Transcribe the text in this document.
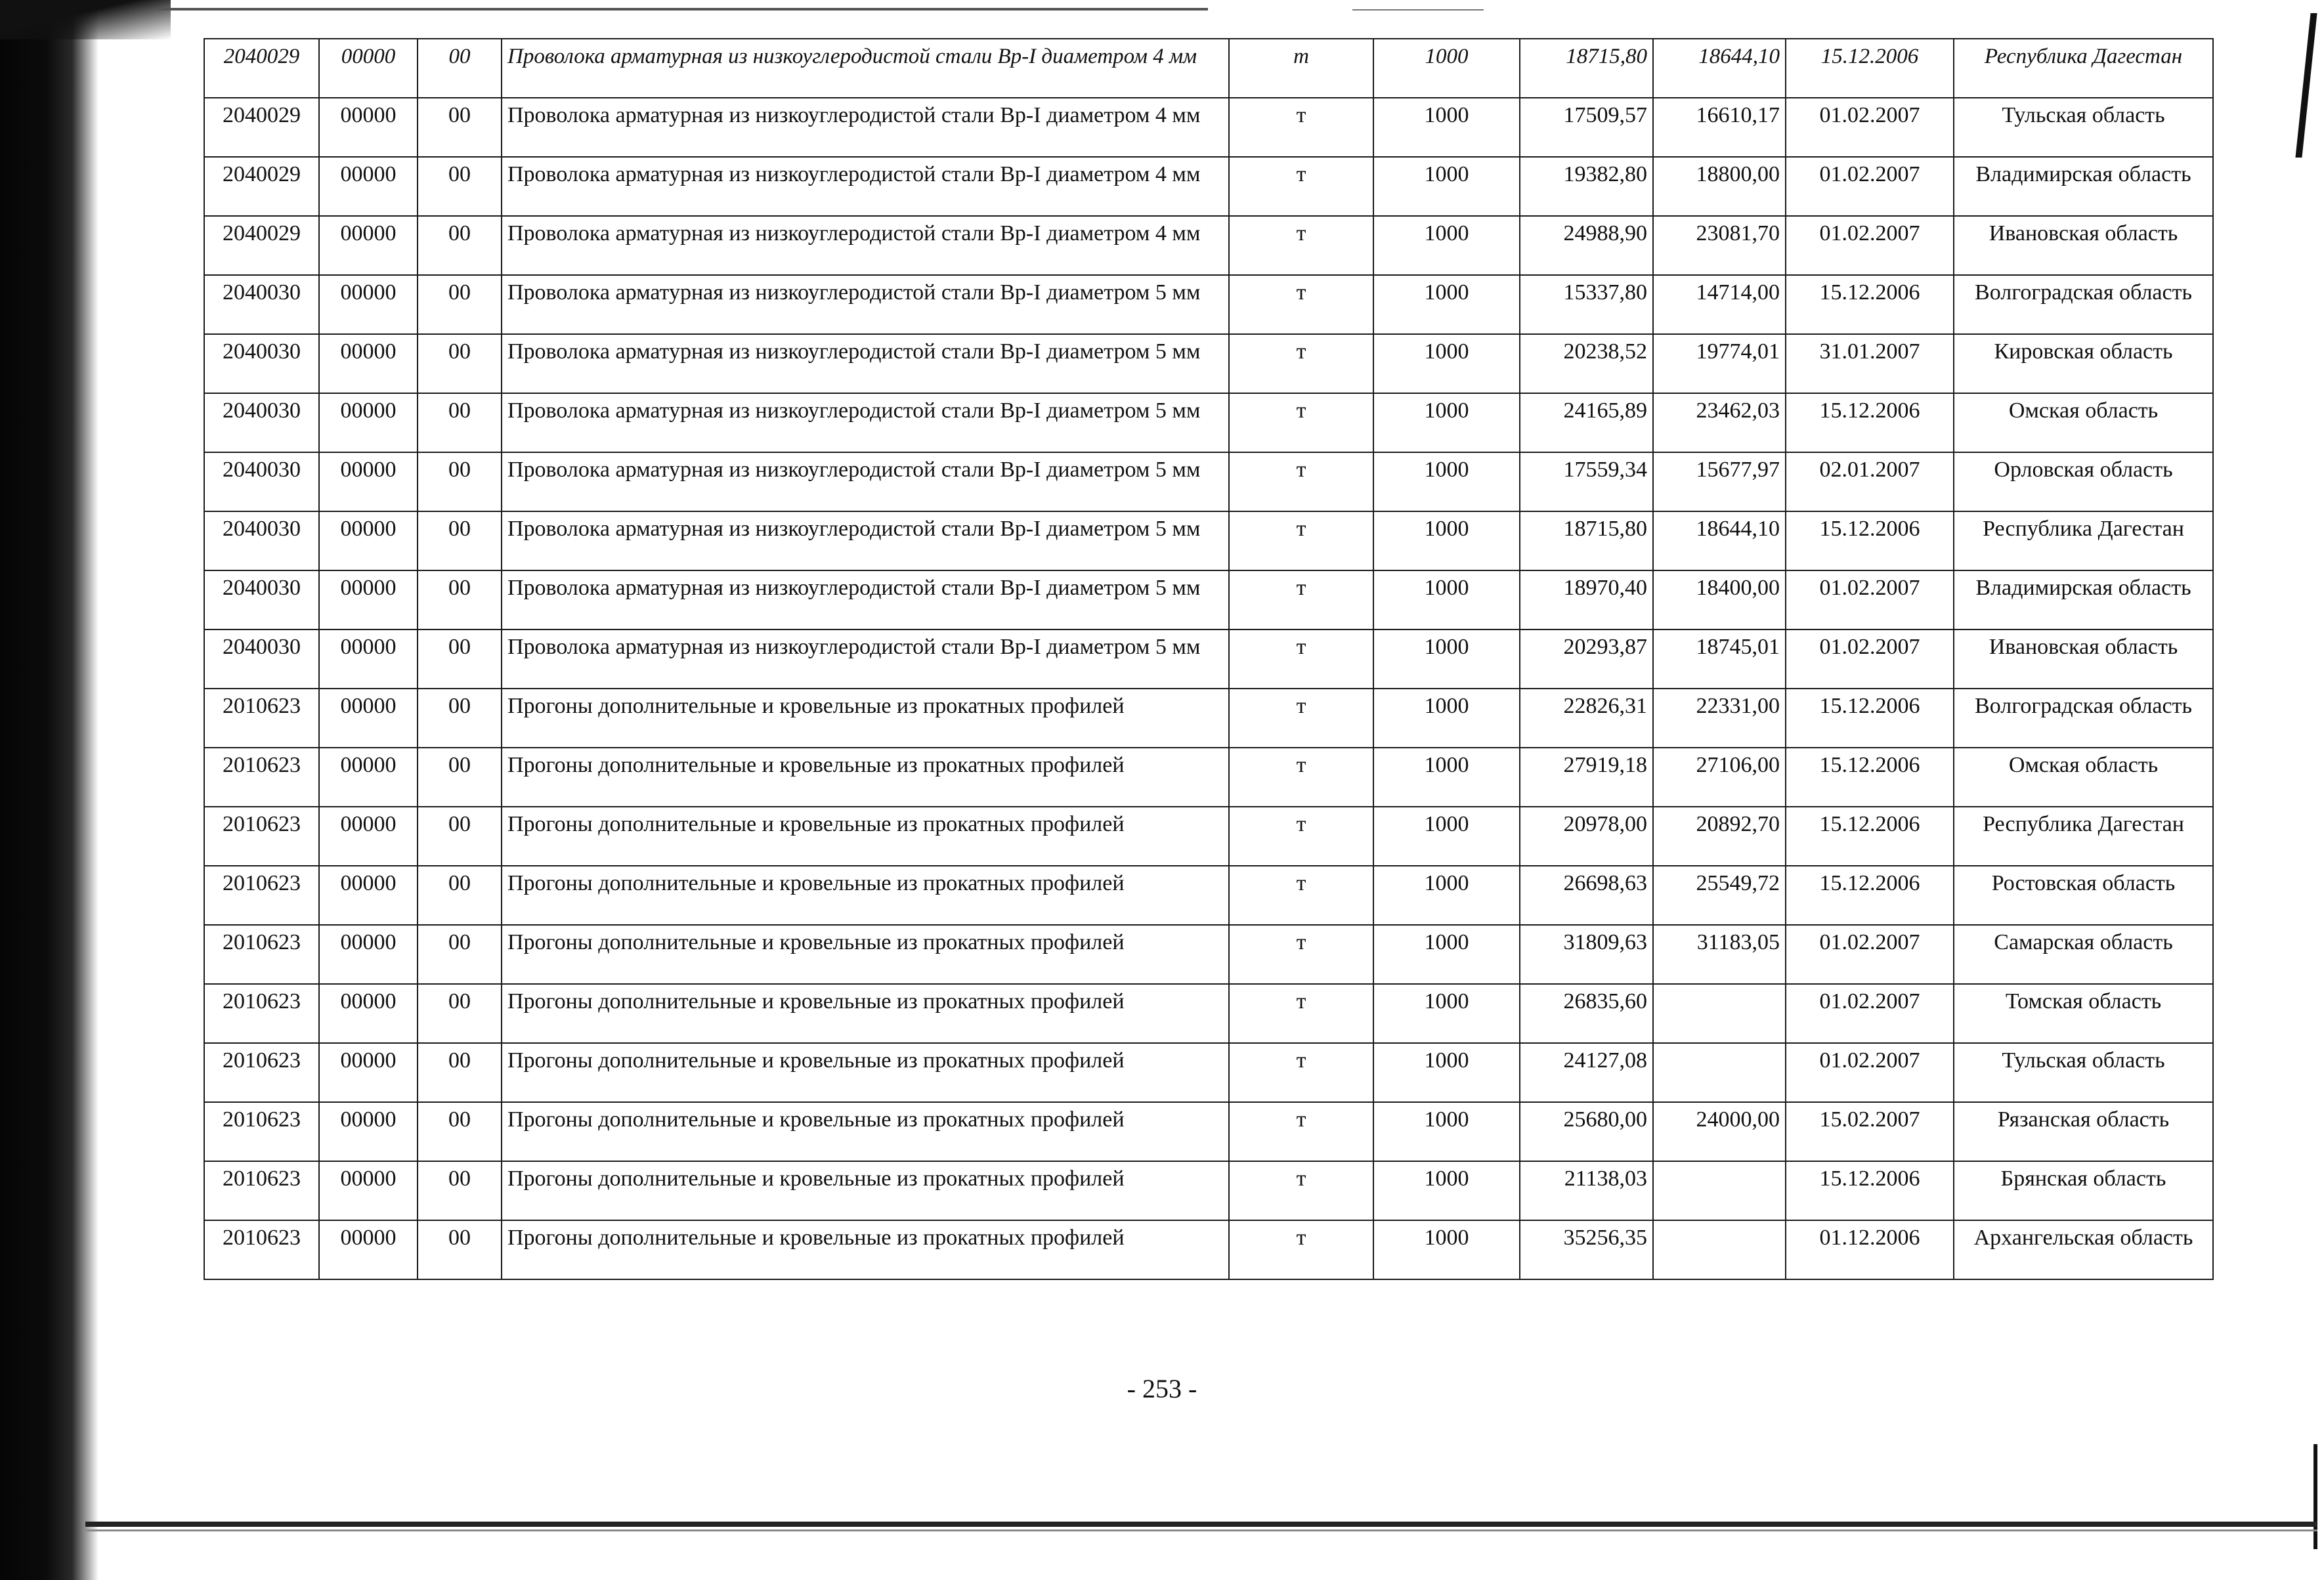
2040029	00000	00	Проволока арматурная из низкоуглеродистой стали Вр-I диаметром 4 мм	т	1000	18715,80	18644,10	15.12.2006	Республика Дагестан
2040029	00000	00	Проволока арматурная из низкоуглеродистой стали Вр-I диаметром 4 мм	т	1000	17509,57	16610,17	01.02.2007	Тульская область
2040029	00000	00	Проволока арматурная из низкоуглеродистой стали Вр-I диаметром 4 мм	т	1000	19382,80	18800,00	01.02.2007	Владимирская область
2040029	00000	00	Проволока арматурная из низкоуглеродистой стали Вр-I диаметром 4 мм	т	1000	24988,90	23081,70	01.02.2007	Ивановская область
2040030	00000	00	Проволока арматурная из низкоуглеродистой стали Вр-I диаметром 5 мм	т	1000	15337,80	14714,00	15.12.2006	Волгоградская область
2040030	00000	00	Проволока арматурная из низкоуглеродистой стали Вр-I диаметром 5 мм	т	1000	20238,52	19774,01	31.01.2007	Кировская область
2040030	00000	00	Проволока арматурная из низкоуглеродистой стали Вр-I диаметром 5 мм	т	1000	24165,89	23462,03	15.12.2006	Омская область
2040030	00000	00	Проволока арматурная из низкоуглеродистой стали Вр-I диаметром 5 мм	т	1000	17559,34	15677,97	02.01.2007	Орловская область
2040030	00000	00	Проволока арматурная из низкоуглеродистой стали Вр-I диаметром 5 мм	т	1000	18715,80	18644,10	15.12.2006	Республика Дагестан
2040030	00000	00	Проволока арматурная из низкоуглеродистой стали Вр-I диаметром 5 мм	т	1000	18970,40	18400,00	01.02.2007	Владимирская область
2040030	00000	00	Проволока арматурная из низкоуглеродистой стали Вр-I диаметром 5 мм	т	1000	20293,87	18745,01	01.02.2007	Ивановская область
2010623	00000	00	Прогоны дополнительные и кровельные из прокатных профилей	т	1000	22826,31	22331,00	15.12.2006	Волгоградская область
2010623	00000	00	Прогоны дополнительные и кровельные из прокатных профилей	т	1000	27919,18	27106,00	15.12.2006	Омская область
2010623	00000	00	Прогоны дополнительные и кровельные из прокатных профилей	т	1000	20978,00	20892,70	15.12.2006	Республика Дагестан
2010623	00000	00	Прогоны дополнительные и кровельные из прокатных профилей	т	1000	26698,63	25549,72	15.12.2006	Ростовская область
2010623	00000	00	Прогоны дополнительные и кровельные из прокатных профилей	т	1000	31809,63	31183,05	01.02.2007	Самарская область
2010623	00000	00	Прогоны дополнительные и кровельные из прокатных профилей	т	1000	26835,60		01.02.2007	Томская область
2010623	00000	00	Прогоны дополнительные и кровельные из прокатных профилей	т	1000	24127,08		01.02.2007	Тульская область
2010623	00000	00	Прогоны дополнительные и кровельные из прокатных профилей	т	1000	25680,00	24000,00	15.02.2007	Рязанская область
2010623	00000	00	Прогоны дополнительные и кровельные из прокатных профилей	т	1000	21138,03		15.12.2006	Брянская область
2010623	00000	00	Прогоны дополнительные и кровельные из прокатных профилей	т	1000	35256,35		01.12.2006	Архангельская область
- 253 -
